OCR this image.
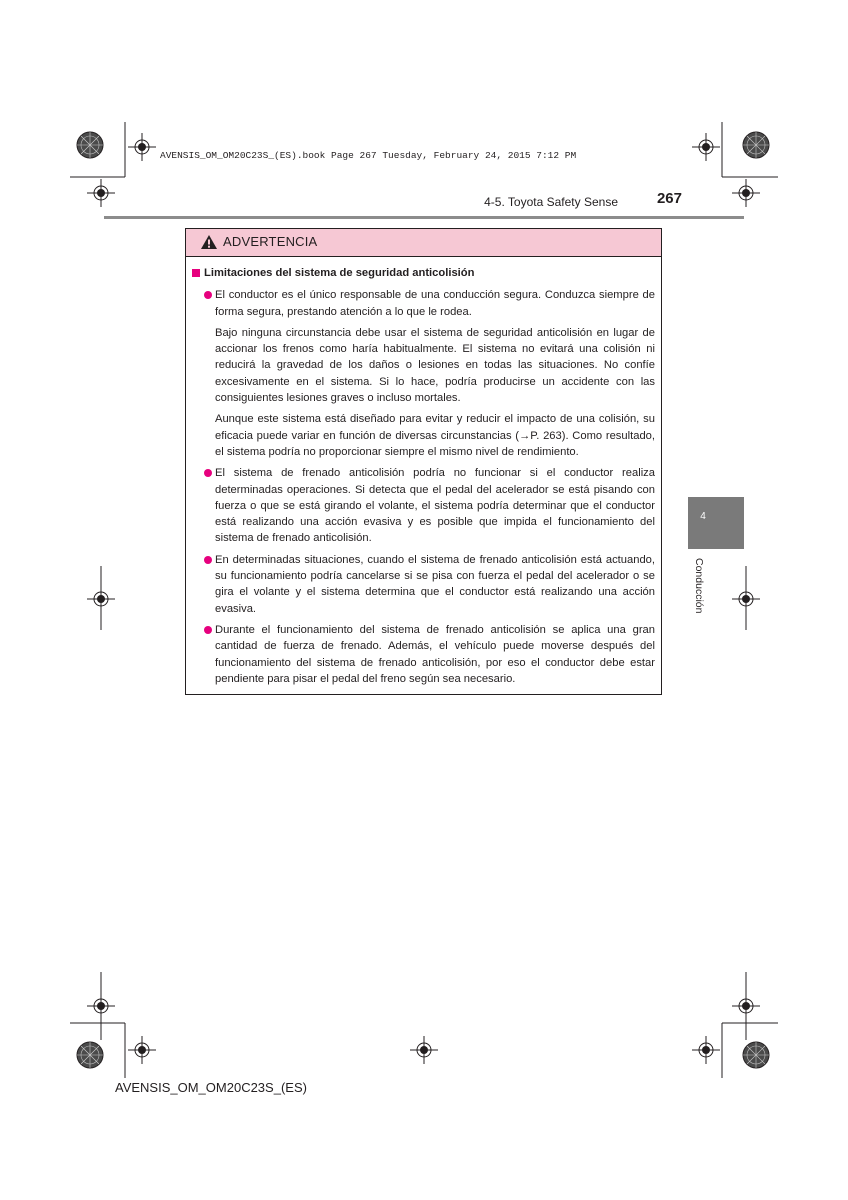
AVENSIS_OM_OM20C23S_(ES).book Page 267 Tuesday, February 24, 2015 7:12 PM
4-5. Toyota Safety Sense	267
ADVERTENCIA
Limitaciones del sistema de seguridad anticolisión
El conductor es el único responsable de una conducción segura. Conduzca siempre de forma segura, prestando atención a lo que le rodea.
Bajo ninguna circunstancia debe usar el sistema de seguridad anticolisión en lugar de accionar los frenos como haría habitualmente. El sistema no evitará una colisión ni reducirá la gravedad de los daños o lesiones en todas las situaciones. No confíe excesivamente en el sistema. Si lo hace, podría producirse un accidente con las consiguientes lesiones graves o incluso mortales.
Aunque este sistema está diseñado para evitar y reducir el impacto de una colisión, su eficacia puede variar en función de diversas circunstancias (→P. 263). Como resultado, el sistema podría no proporcionar siempre el mismo nivel de rendimiento.
El sistema de frenado anticolisión podría no funcionar si el conductor realiza determinadas operaciones. Si detecta que el pedal del acelerador se está pisando con fuerza o que se está girando el volante, el sistema podría determinar que el conductor está realizando una acción evasiva y es posible que impida el funcionamiento del sistema de frenado anticolisión.
En determinadas situaciones, cuando el sistema de frenado anticolisión está actuando, su funcionamiento podría cancelarse si se pisa con fuerza el pedal del acelerador o se gira el volante y el sistema determina que el conductor está realizando una acción evasiva.
Durante el funcionamiento del sistema de frenado anticolisión se aplica una gran cantidad de fuerza de frenado. Además, el vehículo puede moverse después del funcionamiento del sistema de frenado anticolisión, por eso el conductor debe estar pendiente para pisar el pedal del freno según sea necesario.
4
Conducción
AVENSIS_OM_OM20C23S_(ES)
